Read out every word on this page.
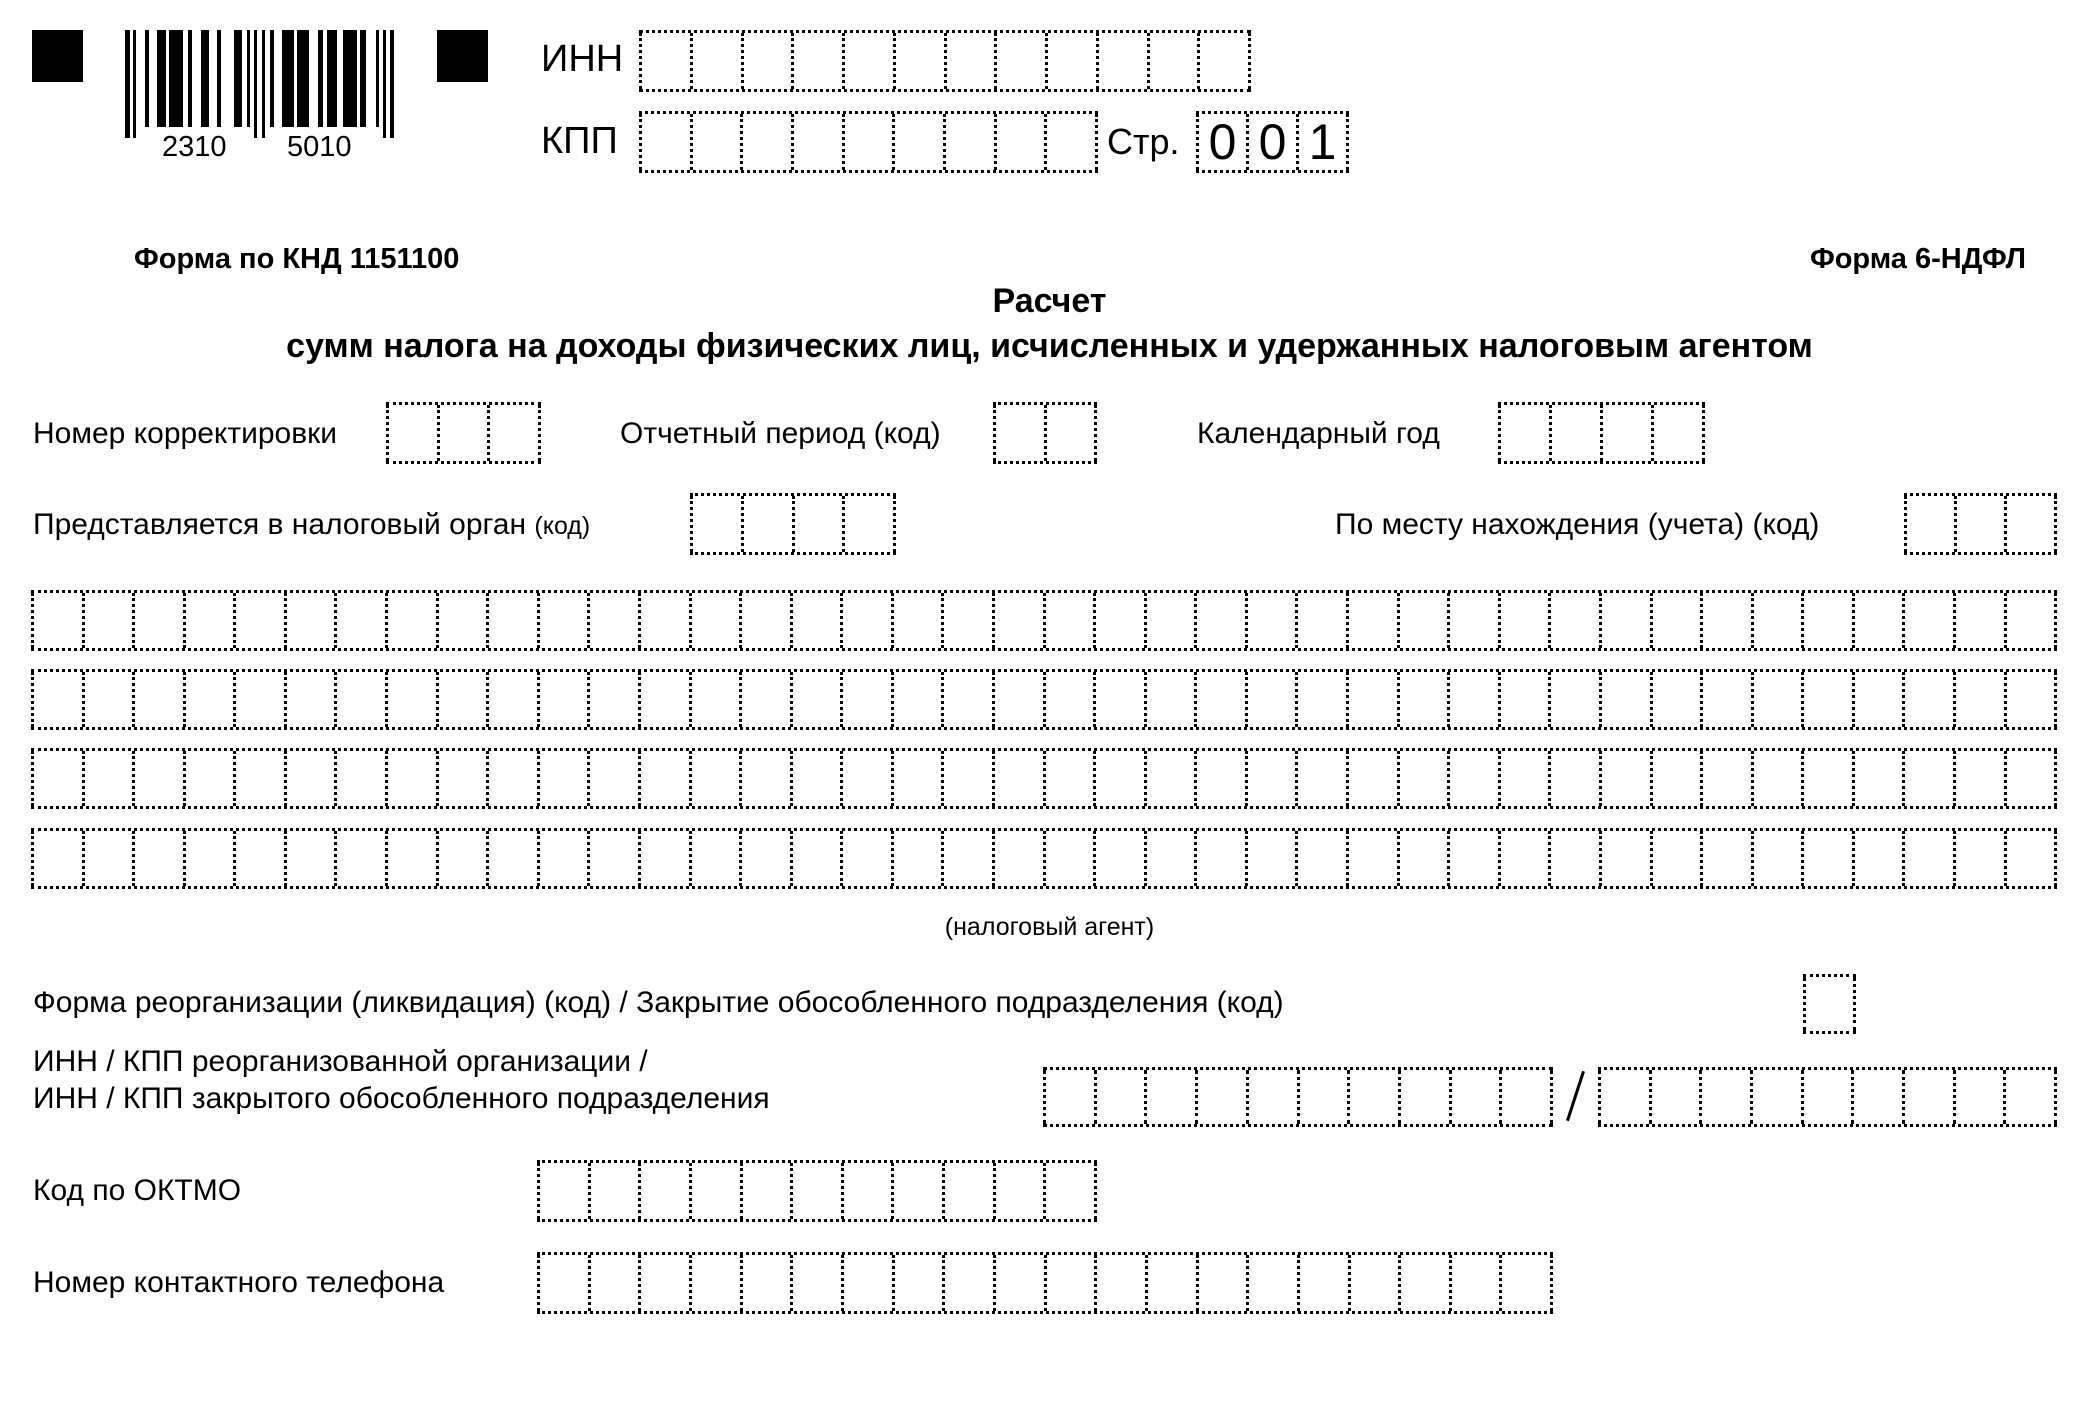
2310 5010
ИНН
КПП	Стр. 0 0 1
Форма по КНД 1151100	Форма 6-НДФЛ
Расчет
сумм налога на доходы физических лиц, исчисленных и удержанных налоговым агентом
Номер корректировки	Отчетный период (код)	Календарный год
Представляется в налоговый орган (код)	По месту нахождения (учета) (код)
(налоговый агент)
Форма реорганизации (ликвидация) (код) / Закрытие обособленного подразделения (код)
ИНН / КПП реорганизованной организации /
ИНН / КПП закрытого обособленного подразделения
Код по ОКТМО
Номер контактного телефона
